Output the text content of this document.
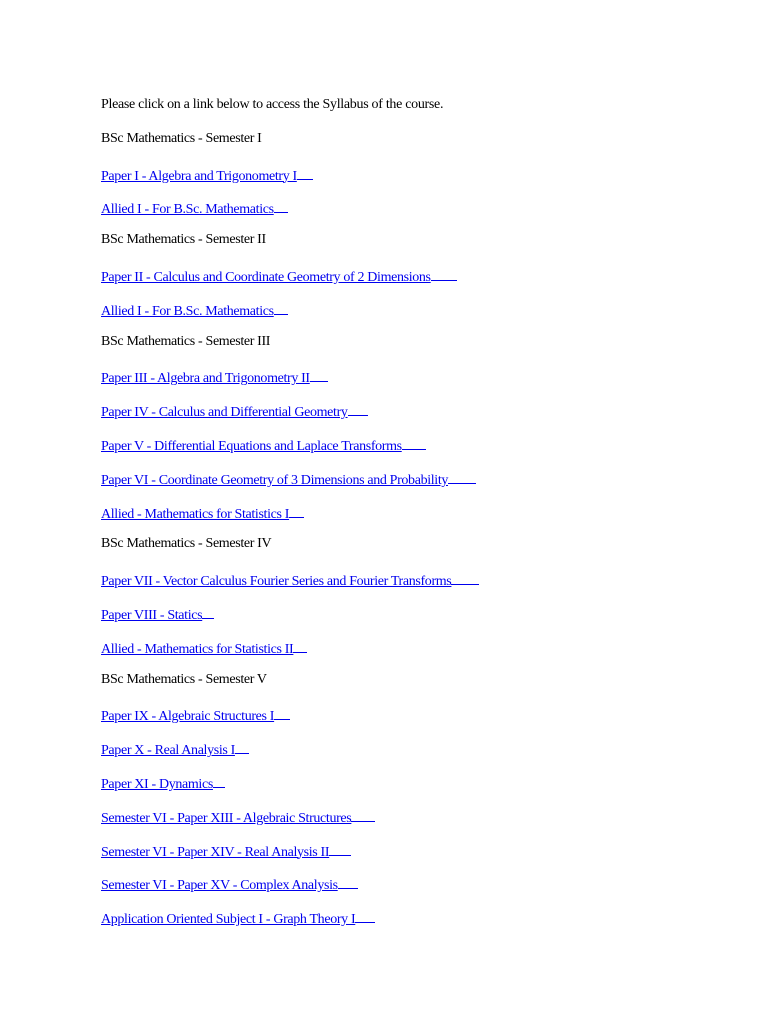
Please click on a link below to access the Syllabus of the course.
BSc Mathematics - Semester I
Paper I - Algebra and Trigonometry I
Allied I - For B.Sc. Mathematics
BSc Mathematics - Semester II
Paper II - Calculus and Coordinate Geometry of 2 Dimensions
Allied I - For B.Sc. Mathematics
BSc Mathematics - Semester III
Paper III - Algebra and Trigonometry II
Paper IV - Calculus and Differential Geometry
Paper V - Differential Equations and Laplace Transforms
Paper VI - Coordinate Geometry of 3 Dimensions and Probability
Allied - Mathematics for Statistics I
BSc Mathematics - Semester IV
Paper VII - Vector Calculus Fourier Series and Fourier Transforms
Paper VIII - Statics
Allied - Mathematics for Statistics II
BSc Mathematics - Semester V
Paper IX - Algebraic Structures I
Paper X - Real Analysis I
Paper XI - Dynamics
Semester VI - Paper XIII - Algebraic Structures
Semester VI - Paper XIV - Real Analysis II
Semester VI - Paper XV - Complex Analysis
Application Oriented Subject I - Graph Theory I
